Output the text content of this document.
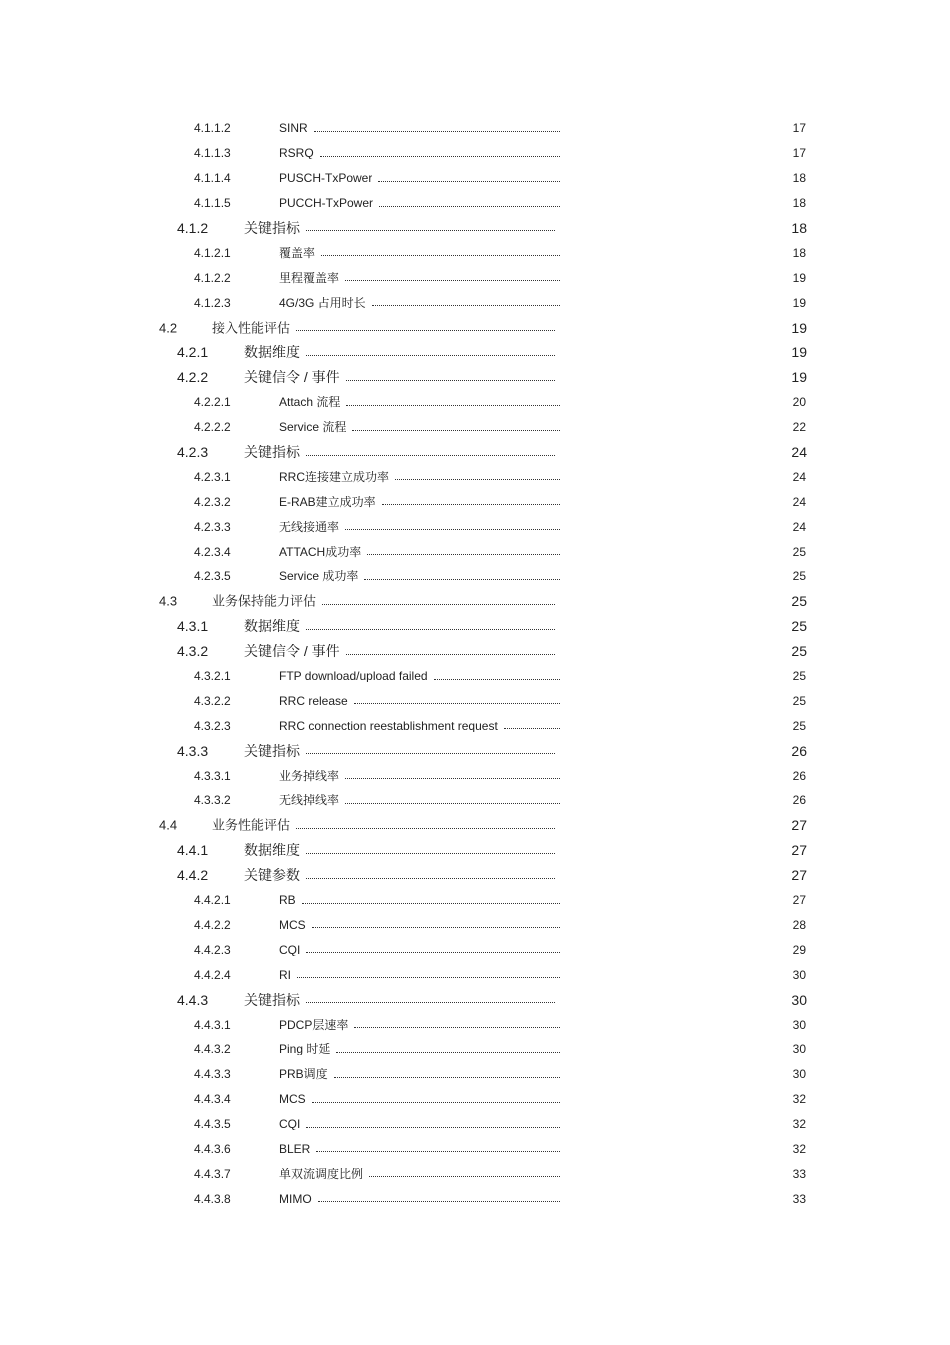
4.1.1.2	SINR	17
4.1.1.3	RSRQ	17
4.1.1.4	PUSCH-TxPower	18
4.1.1.5	PUCCH-TxPower	18
4.1.2	关键指标	18
4.1.2.1	覆盖率	18
4.1.2.2	里程覆盖率	19
4.1.2.3	4G/3G 占用时长	19
4.2	接入性能评估	19
4.2.1	数据维度	19
4.2.2	关键信令 / 事件	19
4.2.2.1	Attach 流程	20
4.2.2.2	Service 流程	22
4.2.3	关键指标	24
4.2.3.1	RRC连接建立成功率	24
4.2.3.2	E-RAB建立成功率	24
4.2.3.3	无线接通率	24
4.2.3.4	ATTACH成功率	25
4.2.3.5	Service 成功率	25
4.3	业务保持能力评估	25
4.3.1	数据维度	25
4.3.2	关键信令 / 事件	25
4.3.2.1	FTP download/upload failed	25
4.3.2.2	RRC release	25
4.3.2.3	RRC connection reestablishment request	25
4.3.3	关键指标	26
4.3.3.1	业务掉线率	26
4.3.3.2	无线掉线率	26
4.4	业务性能评估	27
4.4.1	数据维度	27
4.4.2	关键参数	27
4.4.2.1	RB	27
4.4.2.2	MCS	28
4.4.2.3	CQI	29
4.4.2.4	RI	30
4.4.3	关键指标	30
4.4.3.1	PDCP层速率	30
4.4.3.2	Ping 时延	30
4.4.3.3	PRB调度	30
4.4.3.4	MCS	32
4.4.3.5	CQI	32
4.4.3.6	BLER	32
4.4.3.7	单双流调度比例	33
4.4.3.8	MIMO	33
